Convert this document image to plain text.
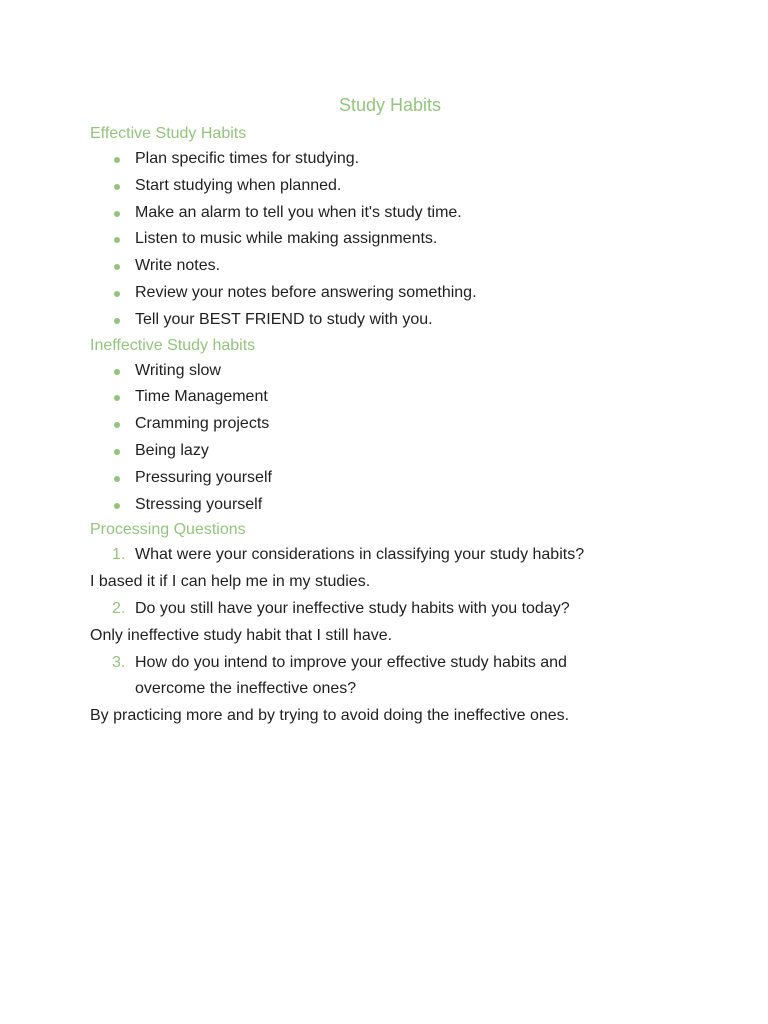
Study Habits
Effective Study Habits
Plan specific times for studying.
Start studying when planned.
Make an alarm to tell you when it's study time.
Listen to music while making assignments.
Write notes.
Review your notes before answering something.
Tell your BEST FRIEND to study with you.
Ineffective Study habits
Writing slow
Time Management
Cramming projects
Being lazy
Pressuring yourself
Stressing yourself
Processing Questions
1. What were your considerations in classifying your study habits?

I based it if I can help me in my studies.

2. Do you still have your ineffective study habits with you today?

Only ineffective study habit that I still have.

3. How do you intend to improve your effective study habits and overcome the ineffective ones?

By practicing more and by trying to avoid doing the ineffective ones.
